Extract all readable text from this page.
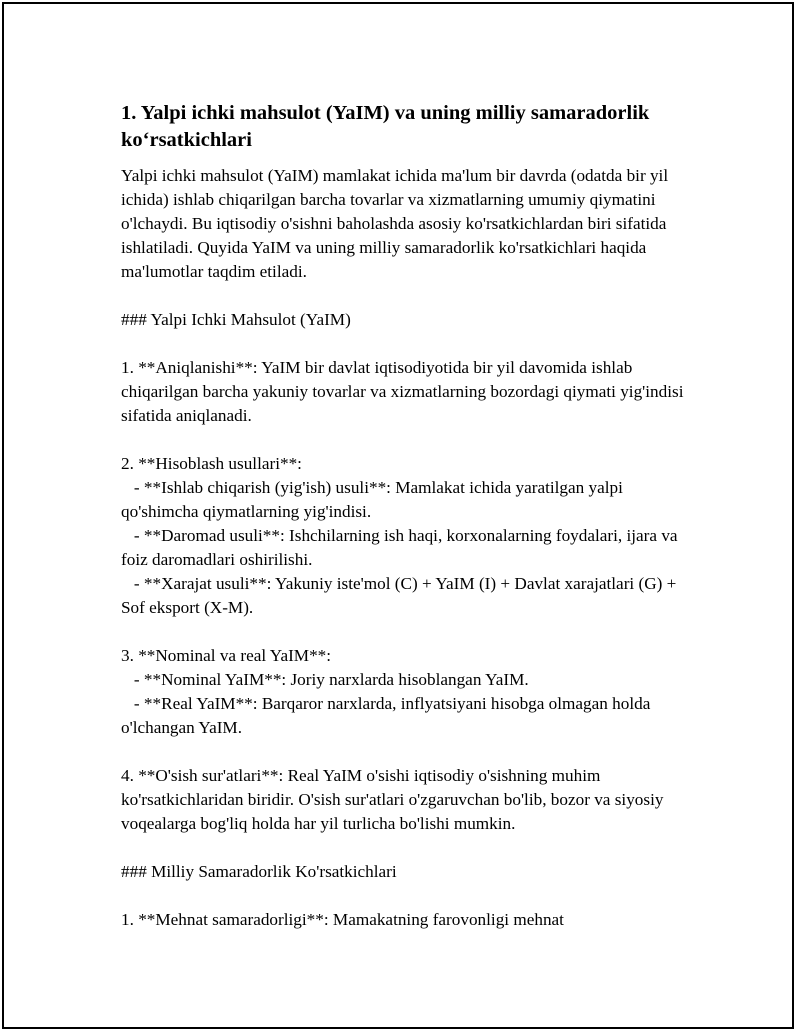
1. Yalpi ichki mahsulot (YaIM) va uning milliy samaradorlik ko‘rsatkichlari
Yalpi ichki mahsulot (YaIM) mamlakat ichida ma'lum bir davrda (odatda bir yil ichida) ishlab chiqarilgan barcha tovarlar va xizmatlarning umumiy qiymatini o'lchaydi. Bu iqtisodiy o'sishni baholashda asosiy ko'rsatkichlardan biri sifatida ishlatiladi. Quyida YaIM va uning milliy samaradorlik ko'rsatkichlari haqida ma'lumotlar taqdim etiladi.
### Yalpi Ichki Mahsulot (YaIM)
1. **Aniqlanishi**: YaIM bir davlat iqtisodiyotida bir yil davomida ishlab chiqarilgan barcha yakuniy tovarlar va xizmatlarning bozordagi qiymati yig'indisi sifatida aniqlanadi.
2. **Hisoblash usullari**:
- **Ishlab chiqarish (yig'ish) usuli**: Mamlakat ichida yaratilgan yalpi qo'shimcha qiymatlarning yig'indisi.
- **Daromad usuli**: Ishchilarning ish haqi, korxonalarning foydalari, ijara va foiz daromadlari oshirilishi.
- **Xarajat usuli**: Yakuniy iste'mol (C) + YaIM (I) + Davlat xarajatlari (G) + Sof eksport (X-M).
3. **Nominal va real YaIM**:
- **Nominal YaIM**: Joriy narxlarda hisoblangan YaIM.
- **Real YaIM**: Barqaror narxlarda, inflyatsiyani hisobga olmagan holda o'lchangan YaIM.
4. **O'sish sur'atlari**: Real YaIM o'sishi iqtisodiy o'sishning muhim ko'rsatkichlaridan biridir. O'sish sur'atlari o'zgaruvchan bo'lib, bozor va siyosiy voqealarga bog'liq holda har yil turlicha bo'lishi mumkin.
### Milliy Samaradorlik Ko'rsatkichlari
1. **Mehnat samaradorligi**: Mamakatning farovonligi mehnat
